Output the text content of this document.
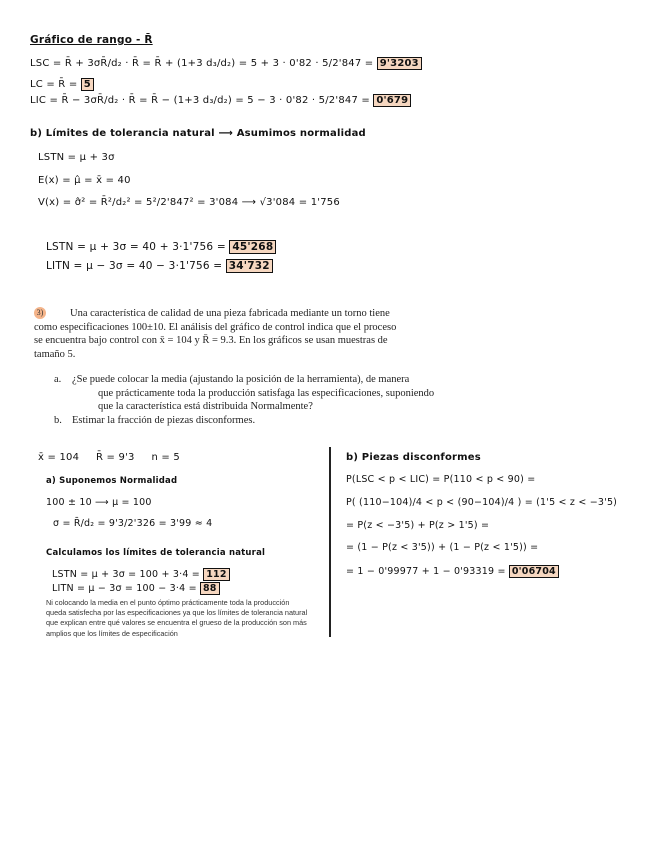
Gráfico de rango - R̄
LSC = R̄ + 3σR̄/d₂ · R̄ = R̄ + (1+3 d₃/d₂) = 5 + 3 · 0'82 · 5/2'847 = 9'3203
LC = R̄ = 5
LIC = R̄ − 3σR̄/d₂ · R̄ = R̄ − (1+3 d₃/d₂) = 5 − 3 · 0'82 · 5/2'847 = 0'679
b) Límites de tolerancia natural ⟶ Asumimos normalidad
LSTN = μ + 3σ
E(x) = μ̂ = x̄ = 40
V(x) = σ̂² = R̄²/d₂² = 5²/2'847² = 3'084 ⟶ √3'084 = 1'756
LSTN = μ + 3σ = 40 + 3·1'756 = 45'268
LITN = μ − 3σ = 40 − 3·1'756 = 34'732
3)	Una característica de calidad de una pieza fabricada mediante un torno tiene
como especificaciones 100±10. El análisis del gráfico de control indica que el proceso
se encuentra bajo control con x̄ = 104 y R̄ = 9.3. En los gráficos se usan muestras de
tamaño 5.
a. ¿Se puede colocar la media (ajustando la posición de la herramienta), de manera
que prácticamente toda la producción satisfaga las especificaciones, suponiendo
que la característica está distribuida Normalmente?
b. Estimar la fracción de piezas disconformes.
x̄ = 104     R̄ = 9'3     n = 5
a) Suponemos Normalidad
100 ± 10 ⟶ μ = 100
σ = R̄/d₂ = 9'3/2'326 = 3'99 ≈ 4
Calculamos los límites de tolerancia natural
LSTN = μ + 3σ = 100 + 3·4 = 112
LITN = μ − 3σ = 100 − 3·4 = 88
Ni colocando la media en el punto óptimo prácticamente toda la producción queda satisfecha por las especificaciones ya que los límites de tolerancia natural que explican entre qué valores se encuentra el grueso de la producción son más amplios que los límites de especificación
b) Piezas disconformes
P(LSC < p < LIC) = P(110 < p < 90) =
P( (110−104)/4 < p < (90−104)/4 ) = (1'5 < z < −3'5)
= P(z < −3'5) + P(z > 1'5) =
= (1 − P(z < 3'5)) + (1 − P(z < 1'5)) =
= 1 − 0'99977 + 1 − 0'93319 = 0'06704
